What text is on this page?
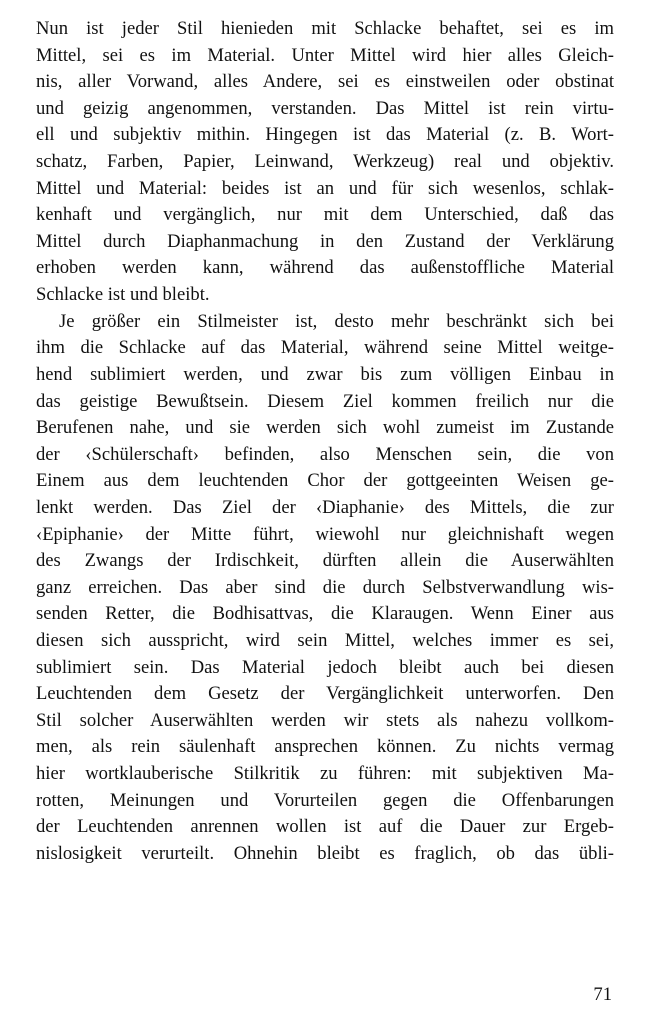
Nun ist jeder Stil hienieden mit Schlacke behaftet, sei es im
Mittel, sei es im Material. Unter Mittel wird hier alles Gleich-
nis, aller Vorwand, alles Andere, sei es einstweilen oder obstinat
und geizig angenommen, verstanden. Das Mittel ist rein virtu-
ell und subjektiv mithin. Hingegen ist das Material (z. B. Wort-
schatz, Farben, Papier, Leinwand, Werkzeug) real und objektiv.
Mittel und Material: beides ist an und für sich wesenlos, schlak-
kenhaft und vergänglich, nur mit dem Unterschied, daß das
Mittel durch Diaphanmachung in den Zustand der Verklärung
erhoben werden kann, während das außenstoffliche Material
Schlacke ist und bleibt.
Je größer ein Stilmeister ist, desto mehr beschränkt sich bei
ihm die Schlacke auf das Material, während seine Mittel weitge-
hend sublimiert werden, und zwar bis zum völligen Einbau in
das geistige Bewußtsein. Diesem Ziel kommen freilich nur die
Berufenen nahe, und sie werden sich wohl zumeist im Zustande
der ‹Schülerschaft› befinden, also Menschen sein, die von
Einem aus dem leuchtenden Chor der gottgeeinten Weisen ge-
lenkt werden. Das Ziel der ‹Diaphanie› des Mittels, die zur
‹Epiphanie› der Mitte führt, wiewohl nur gleichnishaft wegen
des Zwangs der Irdischkeit, dürften allein die Auserwählten
ganz erreichen. Das aber sind die durch Selbstverwandlung wis-
senden Retter, die Bodhisattvas, die Klaraugen. Wenn Einer aus
diesen sich ausspricht, wird sein Mittel, welches immer es sei,
sublimiert sein. Das Material jedoch bleibt auch bei diesen
Leuchtenden dem Gesetz der Vergänglichkeit unterworfen. Den
Stil solcher Auserwählten werden wir stets als nahezu vollkom-
men, als rein säulenhaft ansprechen können. Zu nichts vermag
hier wortklauberische Stilkritik zu führen: mit subjektiven Ma-
rotten, Meinungen und Vorurteilen gegen die Offenbarungen
der Leuchtenden anrennen wollen ist auf die Dauer zur Ergeb-
nislosigkeit verurteilt. Ohnehin bleibt es fraglich, ob das übli-
71
